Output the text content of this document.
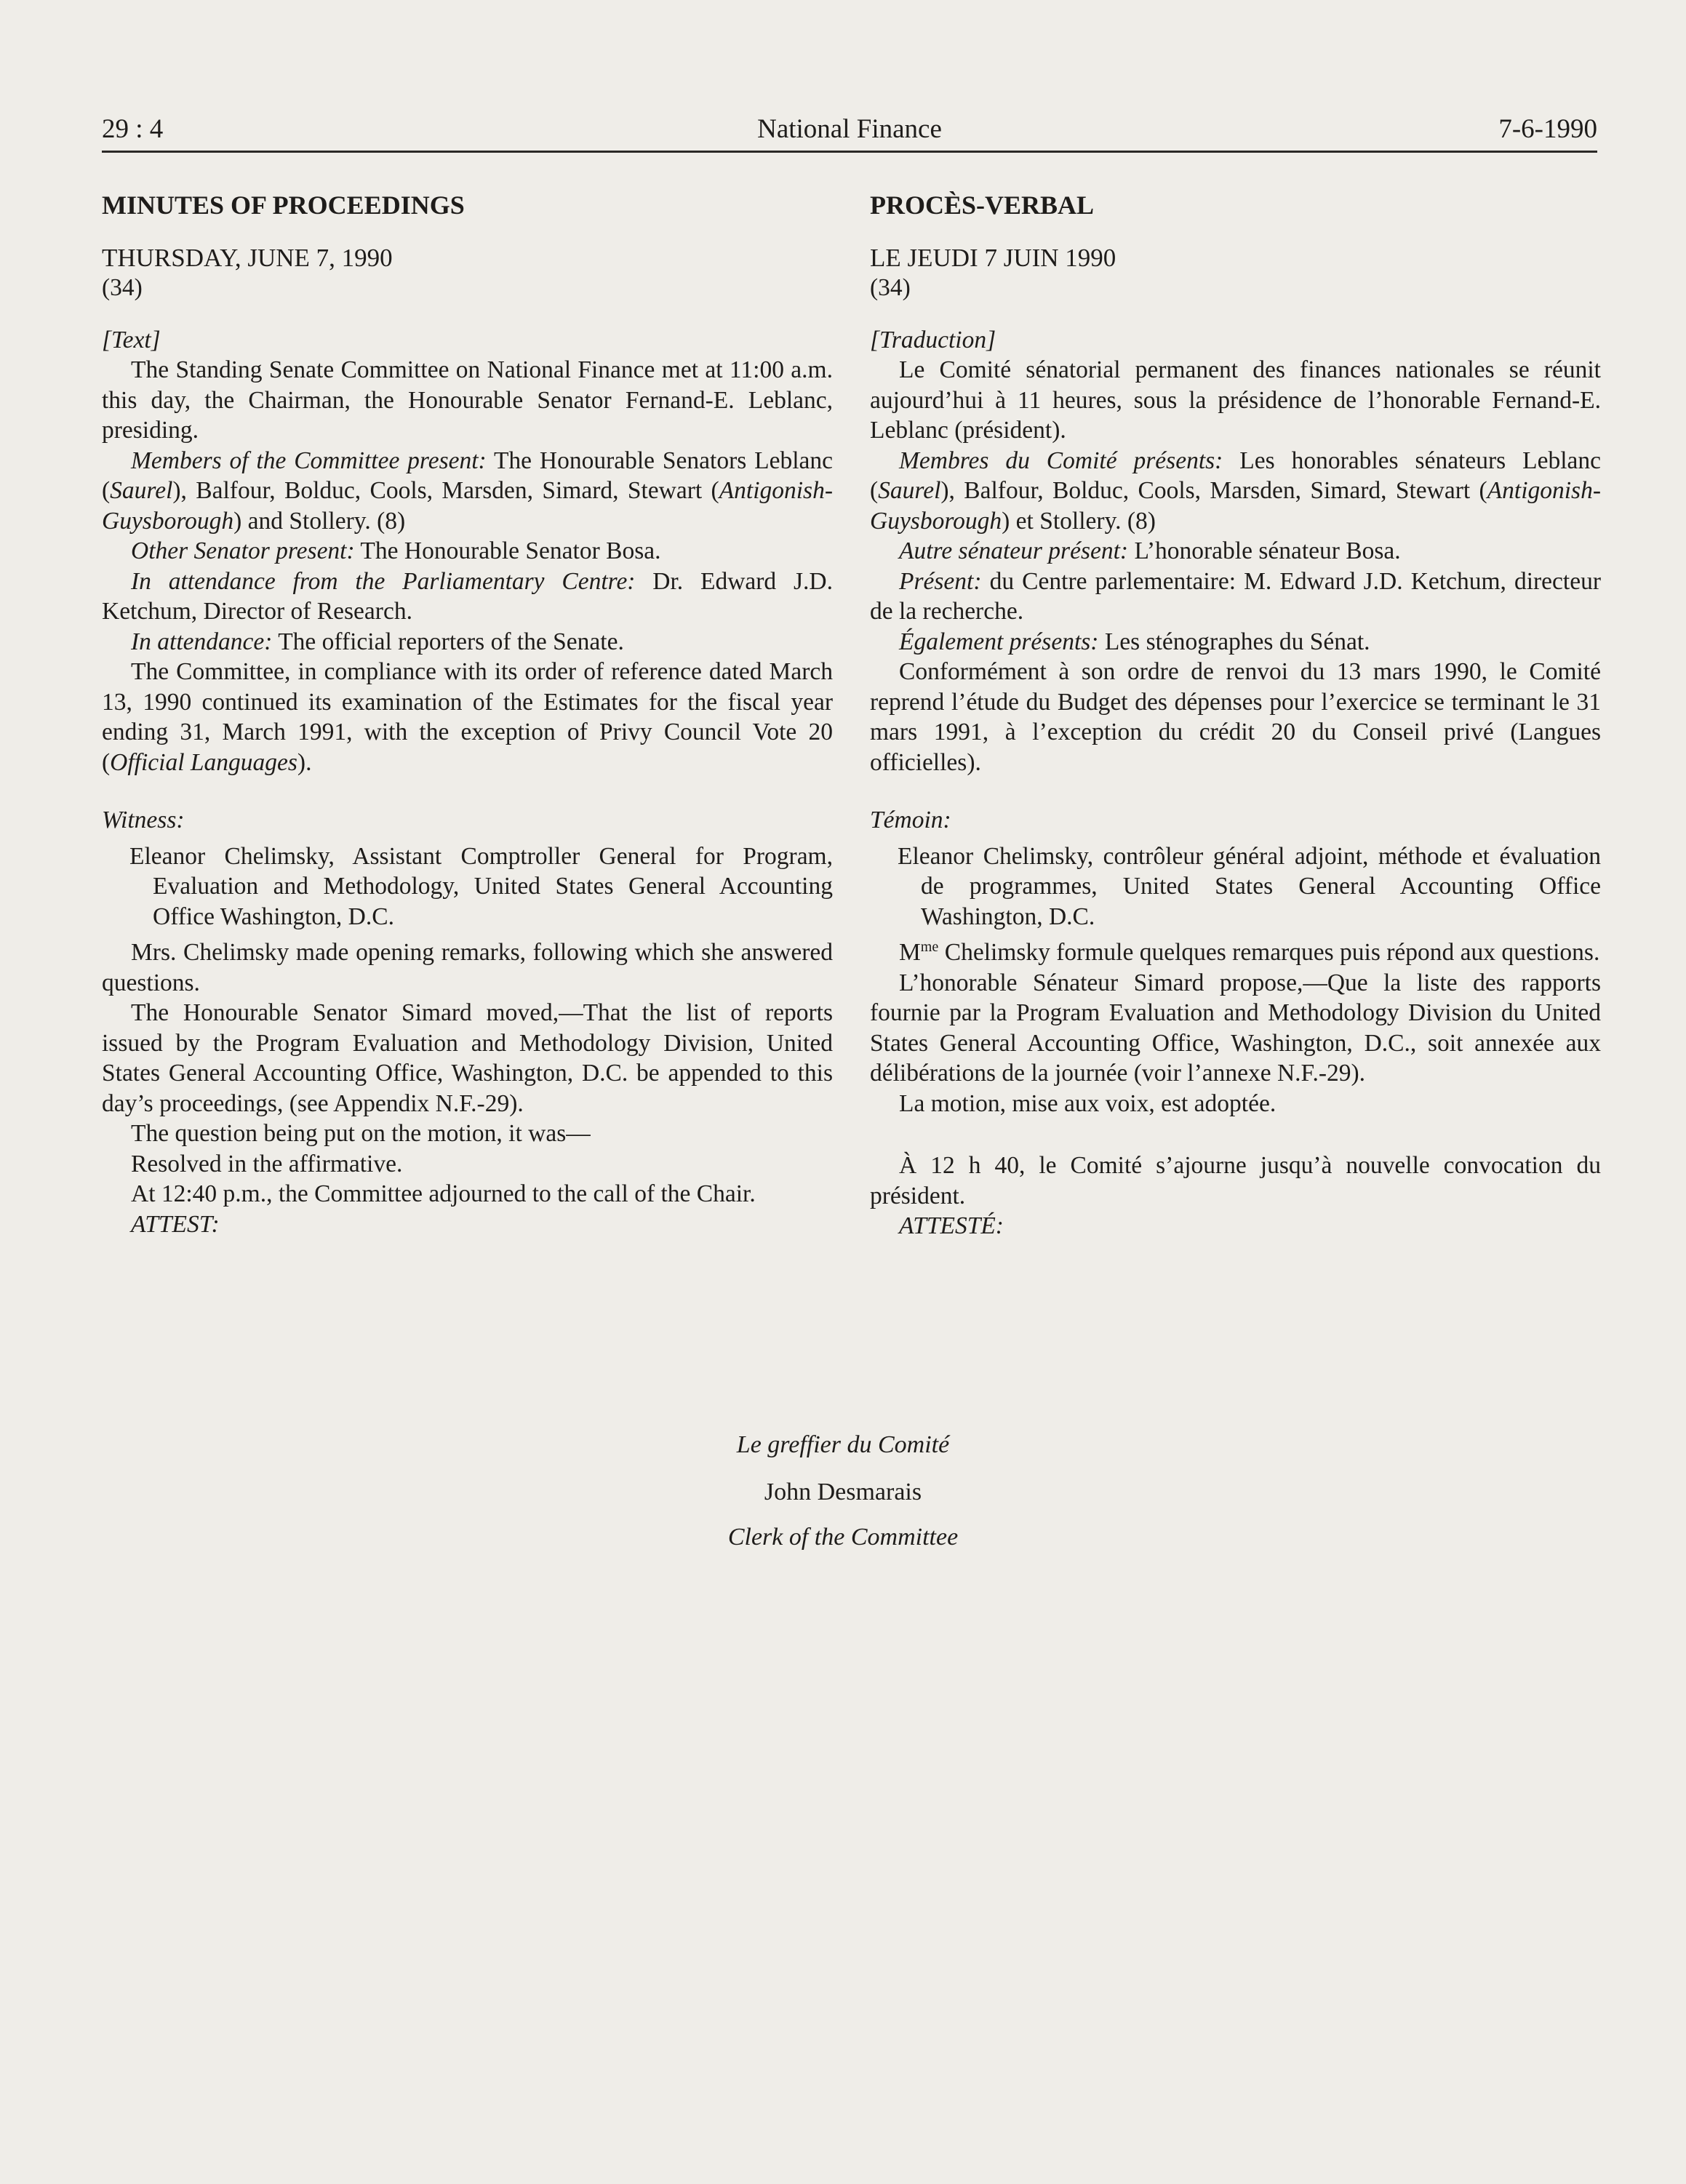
29 : 4	National Finance	7-6-1990

MINUTES OF PROCEEDINGS

THURSDAY, JUNE 7, 1990

(34)

[Text]

The Standing Senate Committee on National Finance met at 11:00 a.m. this day, the Chairman, the Honourable Senator Fernand-E. Leblanc, presiding.

Members of the Committee present: The Honourable Senators Leblanc (Saurel), Balfour, Bolduc, Cools, Marsden, Simard, Stewart (Antigonish-Guysborough) and Stollery. (8)

Other Senator present: The Honourable Senator Bosa.

In attendance from the Parliamentary Centre: Dr. Edward J.D. Ketchum, Director of Research.

In attendance: The official reporters of the Senate.

The Committee, in compliance with its order of reference dated March 13, 1990 continued its examination of the Estimates for the fiscal year ending 31, March 1991, with the exception of Privy Council Vote 20 (Official Languages).

Witness:

Eleanor Chelimsky, Assistant Comptroller General for Program, Evaluation and Methodology, United States General Accounting Office Washington, D.C.

Mrs. Chelimsky made opening remarks, following which she answered questions.

The Honourable Senator Simard moved,—That the list of reports issued by the Program Evaluation and Methodology Division, United States General Accounting Office, Washington, D.C. be appended to this day’s proceedings, (see Appendix N.F.-29).

The question being put on the motion, it was—

Resolved in the affirmative.

At 12:40 p.m., the Committee adjourned to the call of the Chair.

ATTEST:

PROCÈS-VERBAL

LE JEUDI 7 JUIN 1990

(34)

[Traduction]

Le Comité sénatorial permanent des finances nationales se réunit aujourd’hui à 11 heures, sous la présidence de l’honorable Fernand-E. Leblanc (président).

Membres du Comité présents: Les honorables sénateurs Leblanc (Saurel), Balfour, Bolduc, Cools, Marsden, Simard, Stewart (Antigonish-Guysborough) et Stollery. (8)

Autre sénateur présent: L’honorable sénateur Bosa.

Présent: du Centre parlementaire: M. Edward J.D. Ketchum, directeur de la recherche.

Également présents: Les sténographes du Sénat.

Conformément à son ordre de renvoi du 13 mars 1990, le Comité reprend l’étude du Budget des dépenses pour l’exercice se terminant le 31 mars 1991, à l’exception du crédit 20 du Conseil privé (Langues officielles).

Témoin:

Eleanor Chelimsky, contrôleur général adjoint, méthode et évaluation de programmes, United States General Accounting Office Washington, D.C.

$M^{me}$ Chelimsky formule quelques remarques puis répond aux questions.

L’honorable Sénateur Simard propose,—Que la liste des rapports fournie par la Program Evaluation and Methodology Division du United States General Accounting Office, Washington, D.C., soit annexée aux délibérations de la journée (voir l’annexe N.F.-29).

La motion, mise aux voix, est adoptée.

À 12 h 40, le Comité s’ajourne jusqu’à nouvelle convocation du président.

ATTESTÉ:

Le greffier du Comité
John Desmarais
Clerk of the Committee
